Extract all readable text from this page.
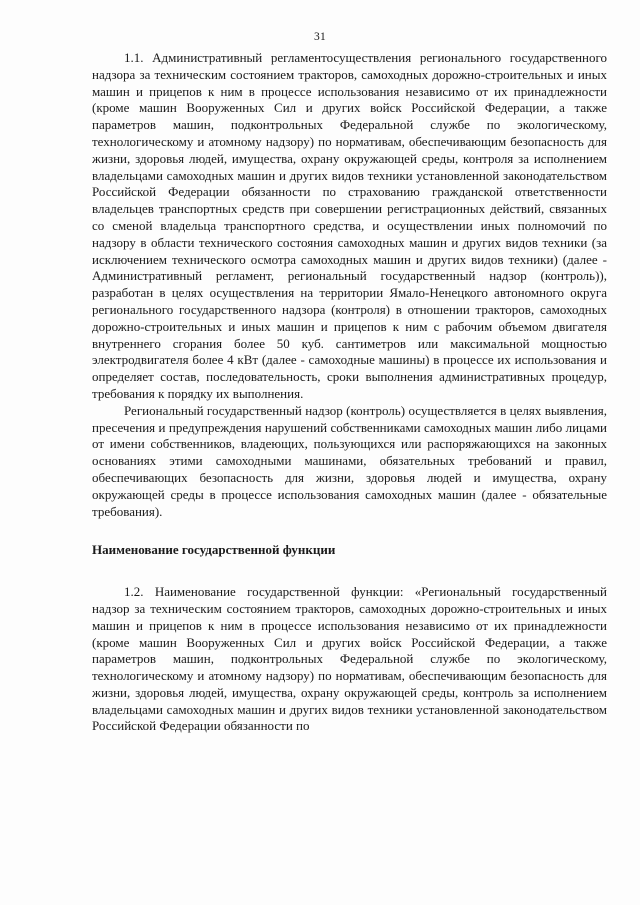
31

1.1. Административный регламентосуществления регионального государственного надзора за техническим состоянием тракторов, самоходных дорожно-строительных и иных машин и прицепов к ним в процессе использования независимо от их принадлежности (кроме машин Вооруженных Сил и других войск Российской Федерации, а также параметров машин, подконтрольных Федеральной службе по экологическому, технологическому и атомному надзору) по нормативам, обеспечивающим безопасность для жизни, здоровья людей, имущества, охрану окружающей среды, контроля за исполнением владельцами самоходных машин и других видов техники установленной законодательством Российской Федерации обязанности по страхованию гражданской ответственности владельцев транспортных средств при совершении регистрационных действий, связанных со сменой владельца транспортного средства, и осуществлении иных полномочий по надзору в области технического состояния самоходных машин и других видов техники (за исключением технического осмотра самоходных машин и других видов техники) (далее - Административный регламент, региональный государственный надзор (контроль)), разработан в целях осуществления на территории Ямало-Ненецкого автономного округа регионального государственного надзора (контроля) в отношении тракторов, самоходных дорожно-строительных и иных машин и прицепов к ним с рабочим объемом двигателя внутреннего сгорания более 50 куб. сантиметров или максимальной мощностью электродвигателя более 4 кВт (далее - самоходные машины) в процессе их использования и определяет состав, последовательность, сроки выполнения административных процедур, требования к порядку их выполнения.

Региональный государственный надзор (контроль) осуществляется в целях выявления, пресечения и предупреждения нарушений собственниками самоходных машин либо лицами от имени собственников, владеющих, пользующихся или распоряжающихся на законных основаниях этими самоходными машинами, обязательных требований и правил, обеспечивающих безопасность для жизни, здоровья людей и имущества, охрану окружающей среды в процессе использования самоходных машин (далее - обязательные требования).

Наименование государственной функции

1.2. Наименование государственной функции: «Региональный государственный надзор за техническим состоянием тракторов, самоходных дорожно-строительных и иных машин и прицепов к ним в процессе использования независимо от их принадлежности (кроме машин Вооруженных Сил и других войск Российской Федерации, а также параметров машин, подконтрольных Федеральной службе по экологическому, технологическому и атомному надзору) по нормативам, обеспечивающим безопасность для жизни, здоровья людей, имущества, охрану окружающей среды, контроль за исполнением владельцами самоходных машин и других видов техники установленной законодательством Российской Федерации обязанности по
